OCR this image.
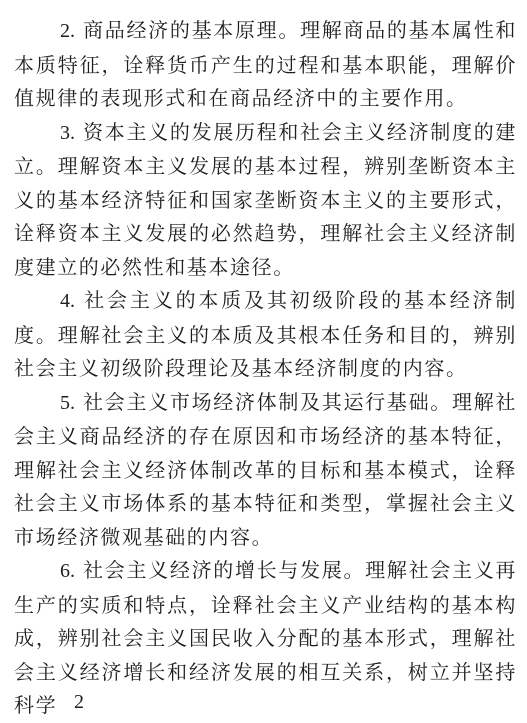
2. 商品经济的基本原理。理解商品的基本属性和本质特征，诠释货币产生的过程和基本职能，理解价值规律的表现形式和在商品经济中的主要作用。

3. 资本主义的发展历程和社会主义经济制度的建立。理解资本主义发展的基本过程，辨别垄断资本主义的基本经济特征和国家垄断资本主义的主要形式，诠释资本主义发展的必然趋势，理解社会主义经济制度建立的必然性和基本途径。

4. 社会主义的本质及其初级阶段的基本经济制度。理解社会主义的本质及其根本任务和目的，辨别社会主义初级阶段理论及基本经济制度的内容。

5. 社会主义市场经济体制及其运行基础。理解社会主义商品经济的存在原因和市场经济的基本特征，理解社会主义经济体制改革的目标和基本模式，诠释社会主义市场体系的基本特征和类型，掌握社会主义市场经济微观基础的内容。

6. 社会主义经济的增长与发展。理解社会主义再生产的实质和特点，诠释社会主义产业结构的基本构成，辨别社会主义国民收入分配的基本形式，理解社会主义经济增长和经济发展的相互关系，树立并坚持科学 2
